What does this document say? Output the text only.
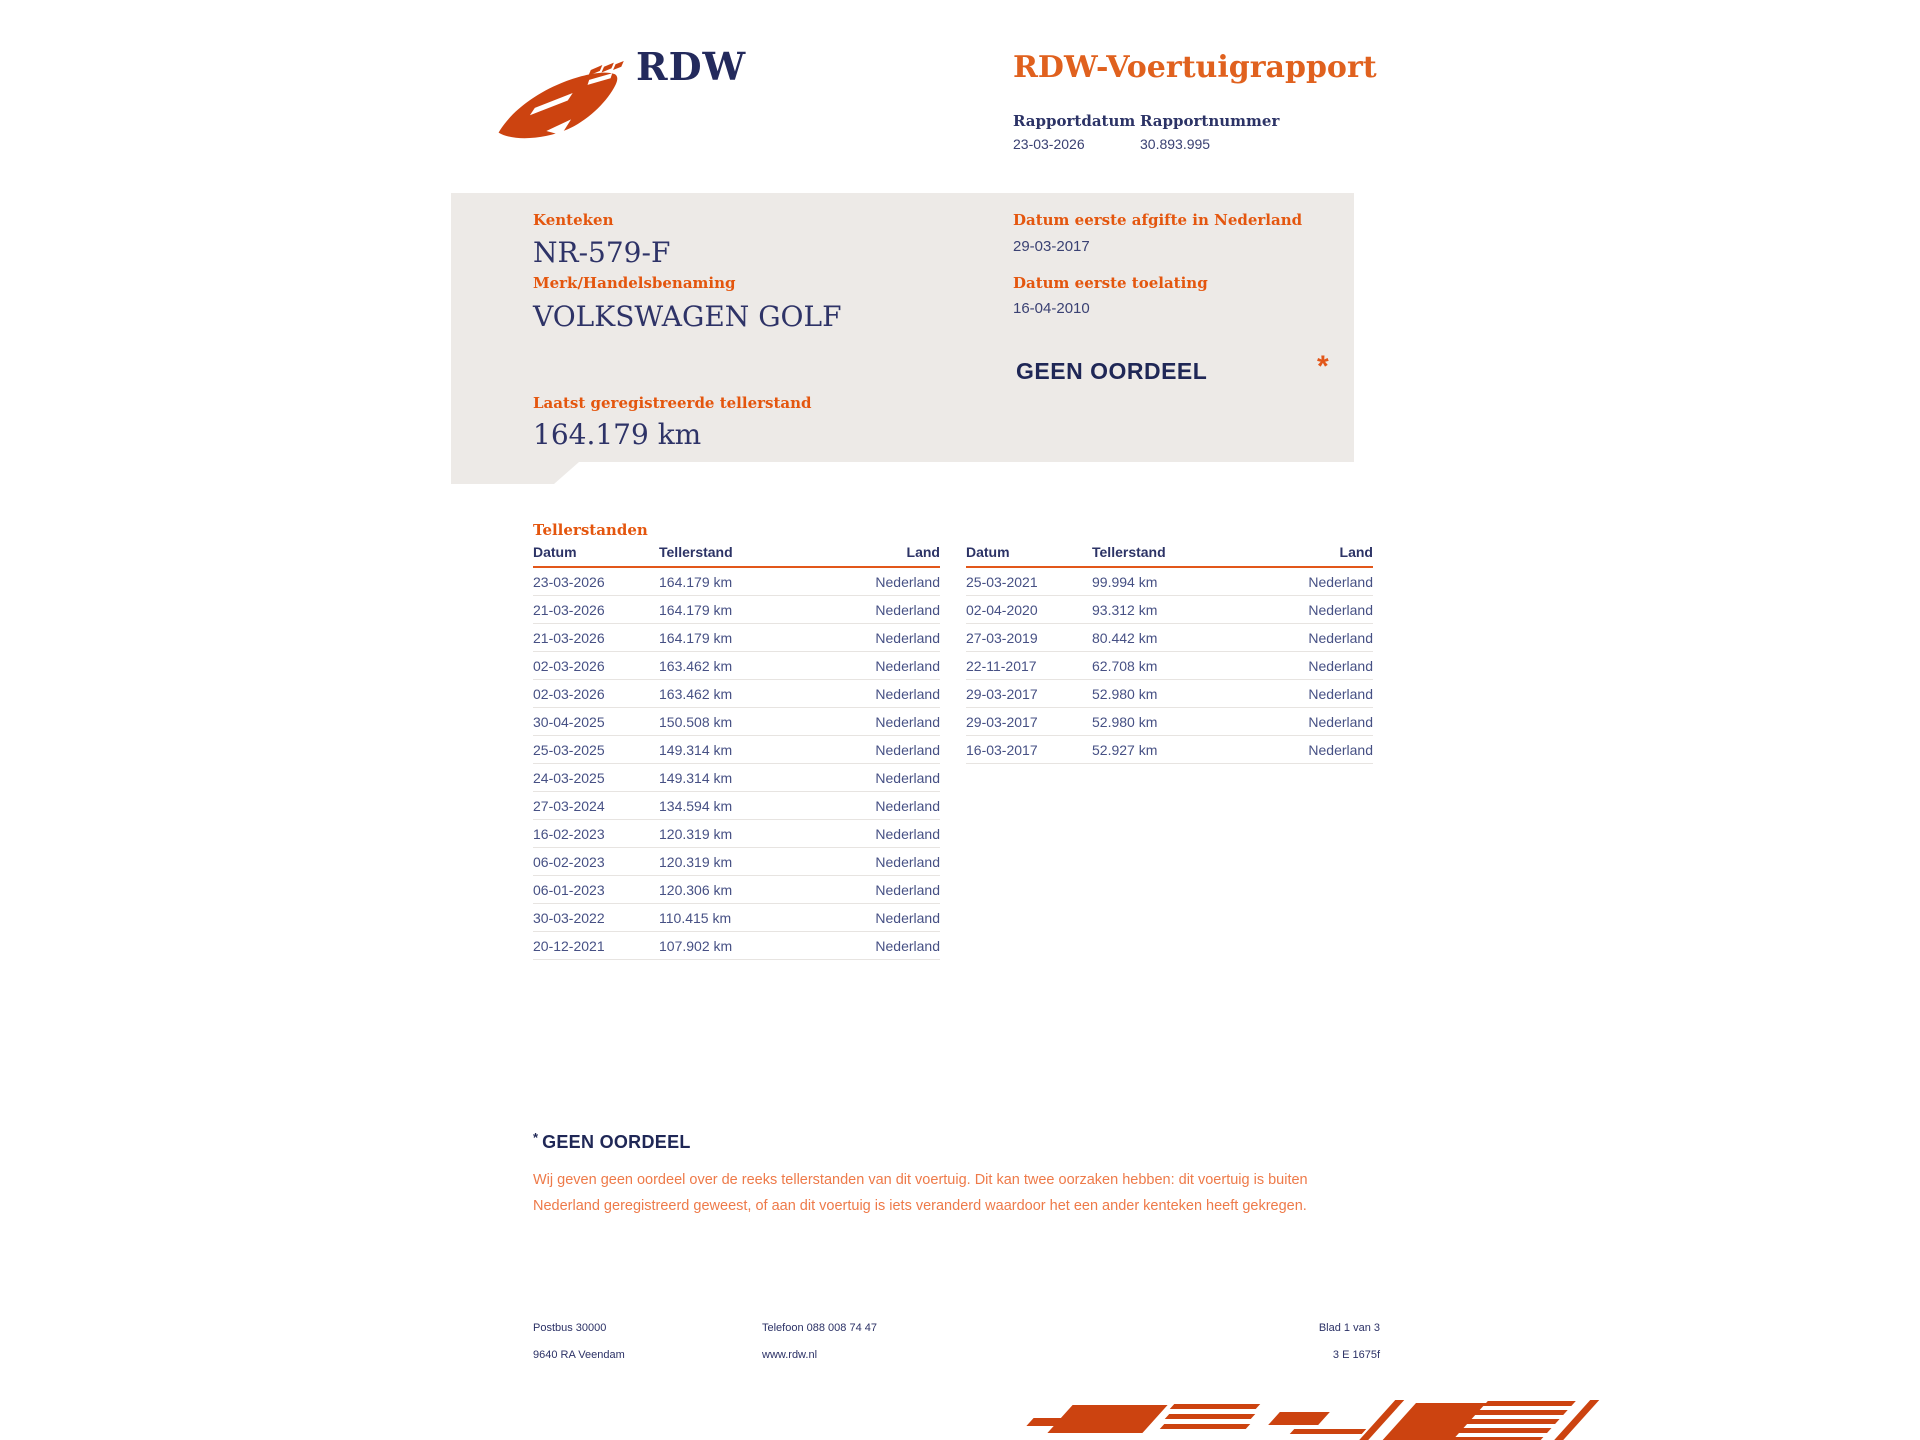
RDW	RDW-Voertuigrapport
Rapportdatum Rapportnummer
23-03-2026	30.893.995
Kenteken
NR-579-F
Merk/Handelsbenaming
VOLKSWAGEN GOLF
Laatst geregistreerde tellerstand
164.179 km
Datum eerste afgifte in Nederland
29-03-2017
Datum eerste toelating
16-04-2010
GEEN OORDEEL	*
Tellerstanden
Datum	Tellerstand	Land
23-03-2026	164.179 km	Nederland
21-03-2026	164.179 km	Nederland
21-03-2026	164.179 km	Nederland
02-03-2026	163.462 km	Nederland
02-03-2026	163.462 km	Nederland
30-04-2025	150.508 km	Nederland
25-03-2025	149.314 km	Nederland
24-03-2025	149.314 km	Nederland
27-03-2024	134.594 km	Nederland
16-02-2023	120.319 km	Nederland
06-02-2023	120.319 km	Nederland
06-01-2023	120.306 km	Nederland
30-03-2022	110.415 km	Nederland
20-12-2021	107.902 km	Nederland
Datum	Tellerstand	Land
25-03-2021	99.994 km	Nederland
02-04-2020	93.312 km	Nederland
27-03-2019	80.442 km	Nederland
22-11-2017	62.708 km	Nederland
29-03-2017	52.980 km	Nederland
29-03-2017	52.980 km	Nederland
16-03-2017	52.927 km	Nederland
* GEEN OORDEEL
Wij geven geen oordeel over de reeks tellerstanden van dit voertuig. Dit kan twee oorzaken hebben: dit voertuig is buiten Nederland geregistreerd geweest, of aan dit voertuig is iets veranderd waardoor het een ander kenteken heeft gekregen.
Postbus 30000
9640 RA Veendam
Telefoon 088 008 74 47
www.rdw.nl
Blad 1 van 3
3 E 1675f
